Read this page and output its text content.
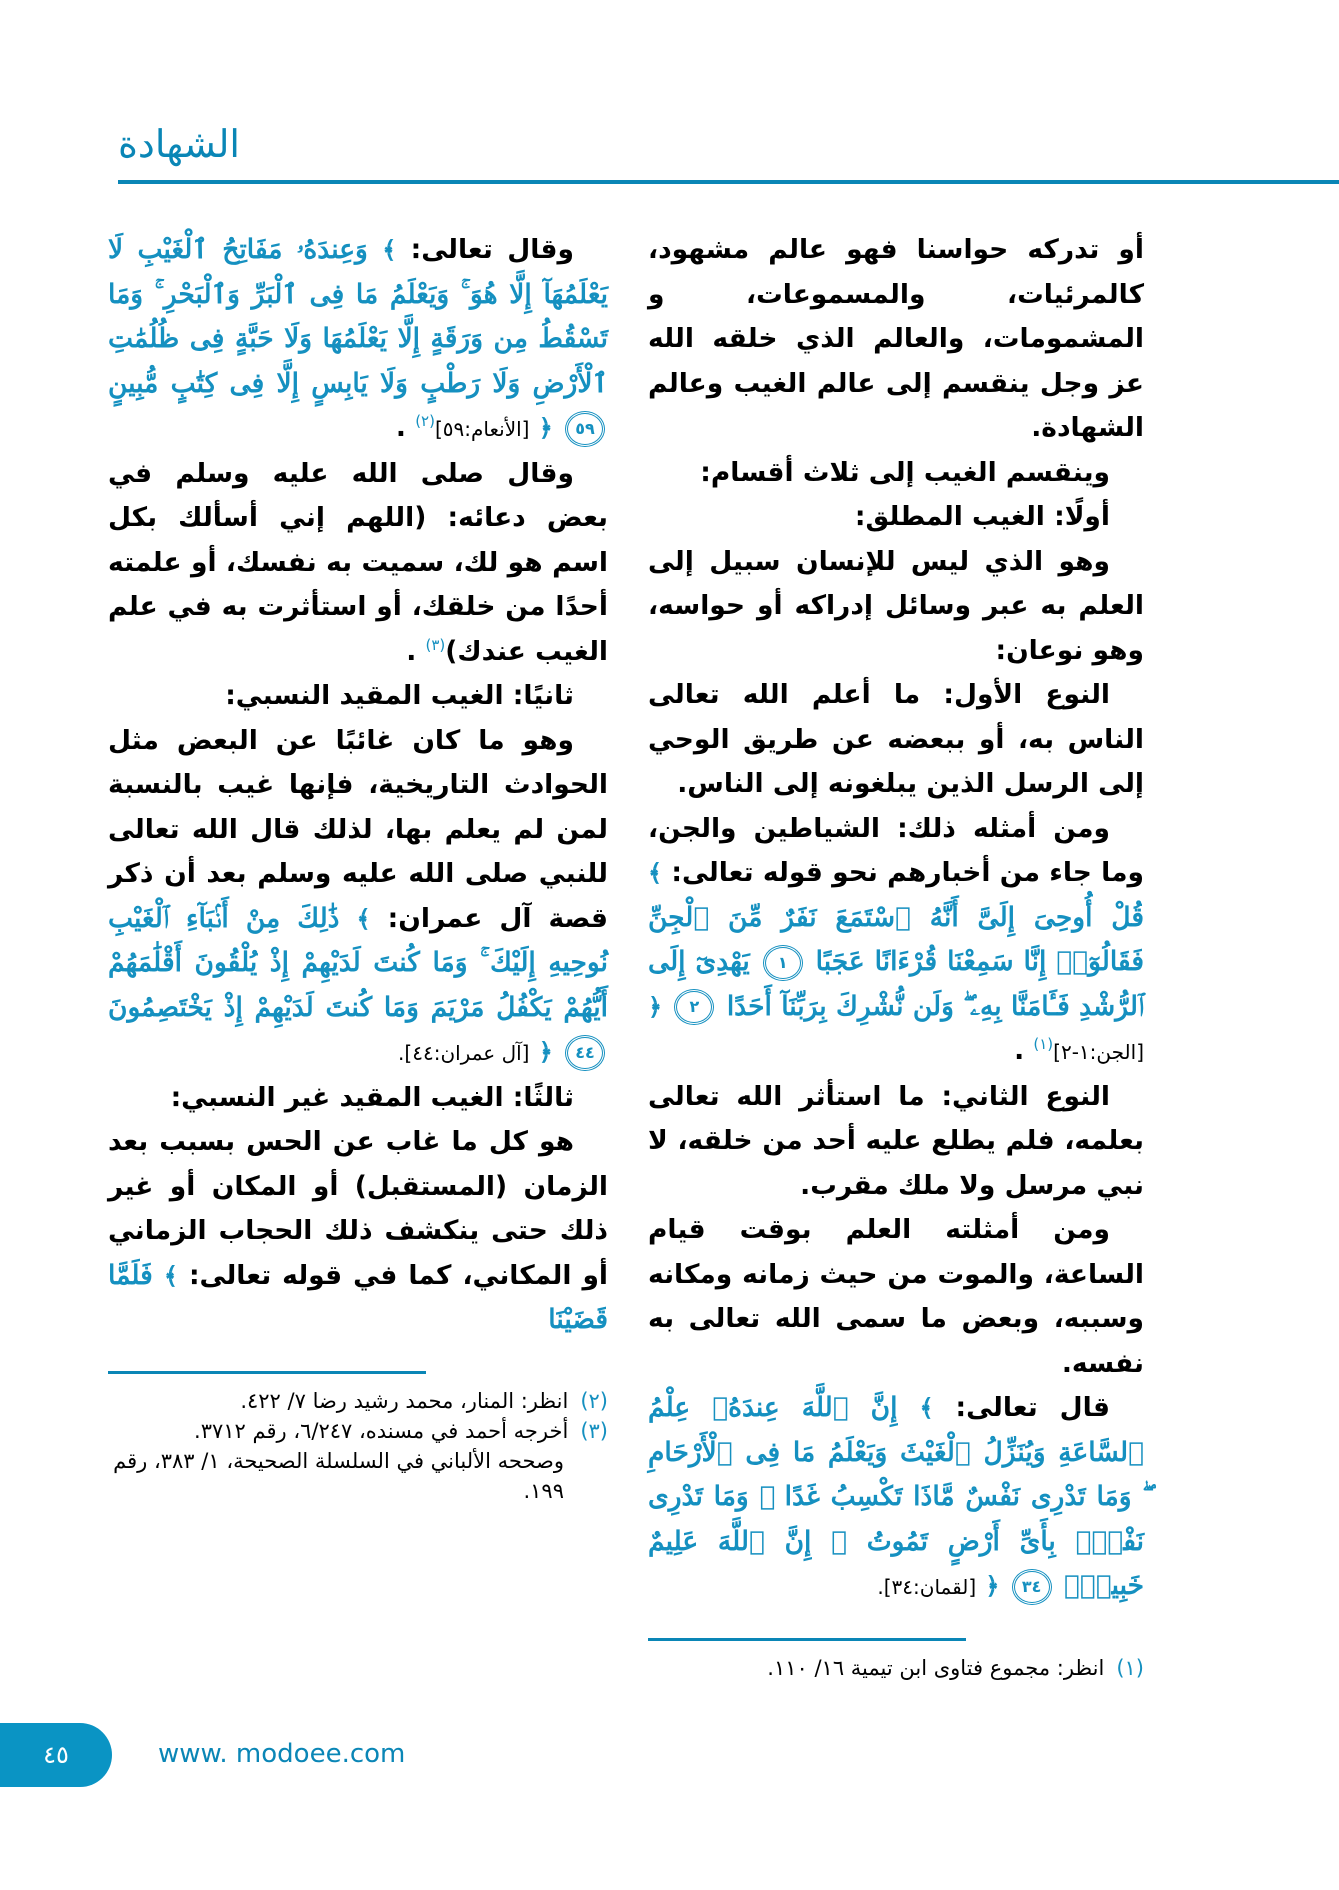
الشهادة

أو تدركه حواسنا فهو عالم مشهود، كالمرئيات، والمسموعات، و المشمومات، والعالم الذي خلقه الله عز وجل ينقسم إلى عالم الغيب وعالم الشهادة.

وينقسم الغيب إلى ثلاث أقسام:

أولًا: الغيب المطلق:

وهو الذي ليس للإنسان سبيل إلى العلم به عبر وسائل إدراكه أو حواسه، وهو نوعان:

النوع الأول: ما أعلم الله تعالى الناس به، أو ببعضه عن طريق الوحي إلى الرسل الذين يبلغونه إلى الناس.

ومن أمثله ذلك: الشياطين والجن، وما جاء من أخبارهم نحو قوله تعالى: ﴾ قُلْ أُوحِىَ إِلَىَّ أَنَّهُ ٱسْتَمَعَ نَفَرٌ مِّنَ ٱلْجِنِّ فَقَالُوٓا۟ إِنَّا سَمِعْنَا قُرْءَانًا عَجَبًا ١ يَهْدِىٓ إِلَى ٱلرُّشْدِ فَـَٔامَنَّا بِهِۦ ۖ وَلَن نُّشْرِكَ بِرَبِّنَآ أَحَدًا ٢ ﴿ [الجن:١-٢]$^{(١)}$ .

النوع الثاني: ما استأثر الله تعالى بعلمه، فلم يطلع عليه أحد من خلقه، لا نبي مرسل ولا ملك مقرب.

ومن أمثلته العلم بوقت قيام الساعة، والموت من حيث زمانه ومكانه وسببه، وبعض ما سمى الله تعالى به نفسه.

قال تعالى: ﴾ إِنَّ ٱللَّهَ عِندَهُۥ عِلْمُ ٱلسَّاعَةِ وَيُنَزِّلُ ٱلْغَيْثَ وَيَعْلَمُ مَا فِى ٱلْأَرْحَامِ ۖ وَمَا تَدْرِى نَفْسٌ مَّاذَا تَكْسِبُ غَدًا ۖ وَمَا تَدْرِى نَفْسٌۢ بِأَىِّ أَرْضٍ تَمُوتُ ۚ إِنَّ ٱللَّهَ عَلِيمٌ خَبِيرٌۢ ٣٤ ﴿ [لقمان:٣٤].

(١)انظر: مجموع فتاوى ابن تيمية ١٦/ ١١٠.

وقال تعالى: ﴾ وَعِندَهُۥ مَفَاتِحُ ٱلْغَيْبِ لَا يَعْلَمُهَآ إِلَّا هُوَ ۚ وَيَعْلَمُ مَا فِى ٱلْبَرِّ وَٱلْبَحْرِ ۚ وَمَا تَسْقُطُ مِن وَرَقَةٍ إِلَّا يَعْلَمُهَا وَلَا حَبَّةٍ فِى ظُلُمَٰتِ ٱلْأَرْضِ وَلَا رَطْبٍ وَلَا يَابِسٍ إِلَّا فِى كِتَٰبٍ مُّبِينٍ ٥٩ ﴿ [الأنعام:٥٩]$^{(٢)}$ .

وقال صلى الله عليه وسلم في بعض دعائه: (اللهم إني أسألك بكل اسم هو لك، سميت به نفسك، أو علمته أحدًا من خلقك، أو استأثرت به في علم الغيب عندك)$^{(٣)}$ .

ثانيًا: الغيب المقيد النسبي:

وهو ما كان غائبًا عن البعض مثل الحوادث التاريخية، فإنها غيب بالنسبة لمن لم يعلم بها، لذلك قال الله تعالى للنبي صلى الله عليه وسلم بعد أن ذكر قصة آل عمران: ﴾ ذَٰلِكَ مِنْ أَنۢبَآءِ ٱلْغَيْبِ نُوحِيهِ إِلَيْكَ ۚ وَمَا كُنتَ لَدَيْهِمْ إِذْ يُلْقُونَ أَقْلَٰمَهُمْ أَيُّهُمْ يَكْفُلُ مَرْيَمَ وَمَا كُنتَ لَدَيْهِمْ إِذْ يَخْتَصِمُونَ ٤٤ ﴿ [آل عمران:٤٤].

ثالثًا: الغيب المقيد غير النسبي:

هو كل ما غاب عن الحس بسبب بعد الزمان (المستقبل) أو المكان أو غير ذلك حتى ينكشف ذلك الحجاب الزماني أو المكاني، كما في قوله تعالى: ﴾ فَلَمَّا قَضَيْنَا

(٢)انظر: المنار، محمد رشيد رضا ٧/ ٤٢٢.

(٣)أخرجه أحمد في مسنده، ٦/٢٤٧، رقم ٣٧١٢.

وصححه الألباني في السلسلة الصحيحة، ١/ ٣٨٣، رقم ١٩٩.

٤٥	www. modoee.com
